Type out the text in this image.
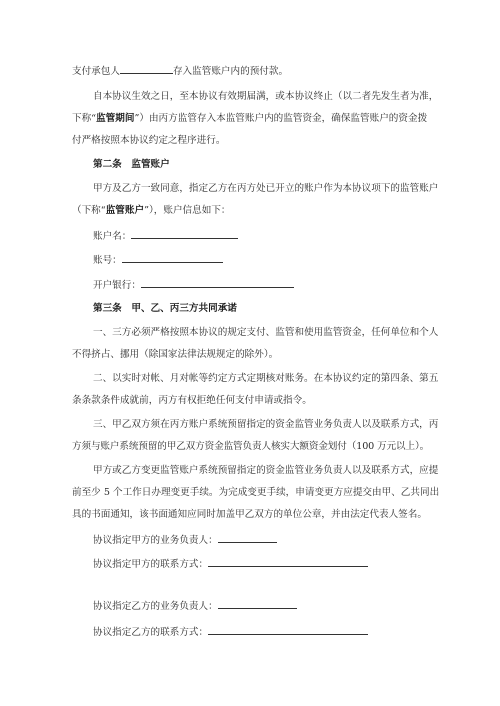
支付承包人	存入监管账户内的预付款。
自本协议生效之日，至本协议有效期届满，或本协议终止（以二者先发生者为准，
下称“监管期间”）由丙方监管存入本监管账户内的监管资金，确保监管账户的资金拨
付严格按照本协议约定之程序进行。
第二条　监管账户
甲方及乙方一致同意，指定乙方在丙方处已开立的账户作为本协议项下的监管账户
（下称“监管账户”），账户信息如下：
账户名：
账号：
开户银行：
第三条　甲、乙、丙三方共同承诺
一、三方必须严格按照本协议的规定支付、监管和使用监管资金，任何单位和个人
不得挤占、挪用（除国家法律法规规定的除外）。
二、以实时对帐、月对帐等约定方式定期核对账务。在本协议约定的第四条、第五
条条款条件成就前，丙方有权拒绝任何支付申请或指令。
三、甲乙双方须在丙方账户系统预留指定的资金监管业务负责人以及联系方式，丙
方须与账户系统预留的甲乙双方资金监管负责人核实大额资金划付（100 万元以上）。
甲方或乙方变更监管账户系统预留指定的资金监管业务负责人以及联系方式，应提
前至少 5 个工作日办理变更手续。为完成变更手续，申请变更方应提交由甲、乙共同出
具的书面通知，该书面通知应同时加盖甲乙双方的单位公章，并由法定代表人签名。
协议指定甲方的业务负责人：
协议指定甲方的联系方式：
协议指定乙方的业务负责人：
协议指定乙方的联系方式：
